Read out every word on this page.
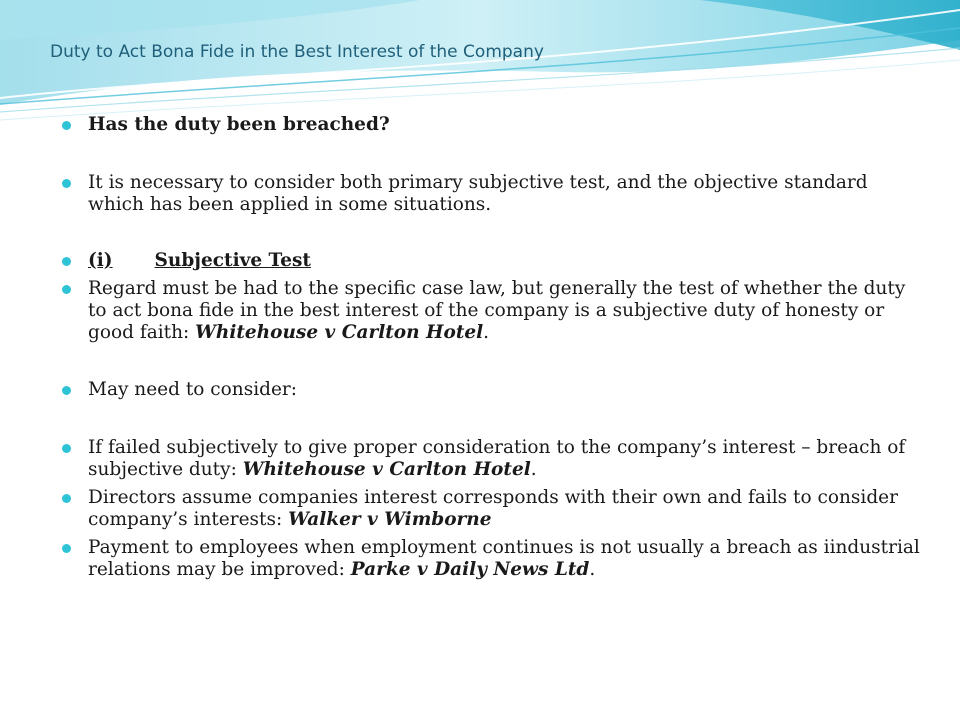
Duty to Act Bona Fide in the Best Interest of the Company

Has the duty been breached?

It is necessary to consider both primary subjective test, and the objective standard which has been applied in some situations.

(i) Subjective Test

Regard must be had to the specific case law, but generally the test of whether the duty to act bona fide in the best interest of the company is a subjective duty of honesty or good faith: Whitehouse v Carlton Hotel.

May need to consider:

If failed subjectively to give proper consideration to the company’s interest – breach of subjective duty: Whitehouse v Carlton Hotel.

Directors assume companies interest corresponds with their own and fails to consider company’s interests: Walker v Wimborne

Payment to employees when employment continues is not usually a breach as iindustrial relations may be improved: Parke v Daily News Ltd.
